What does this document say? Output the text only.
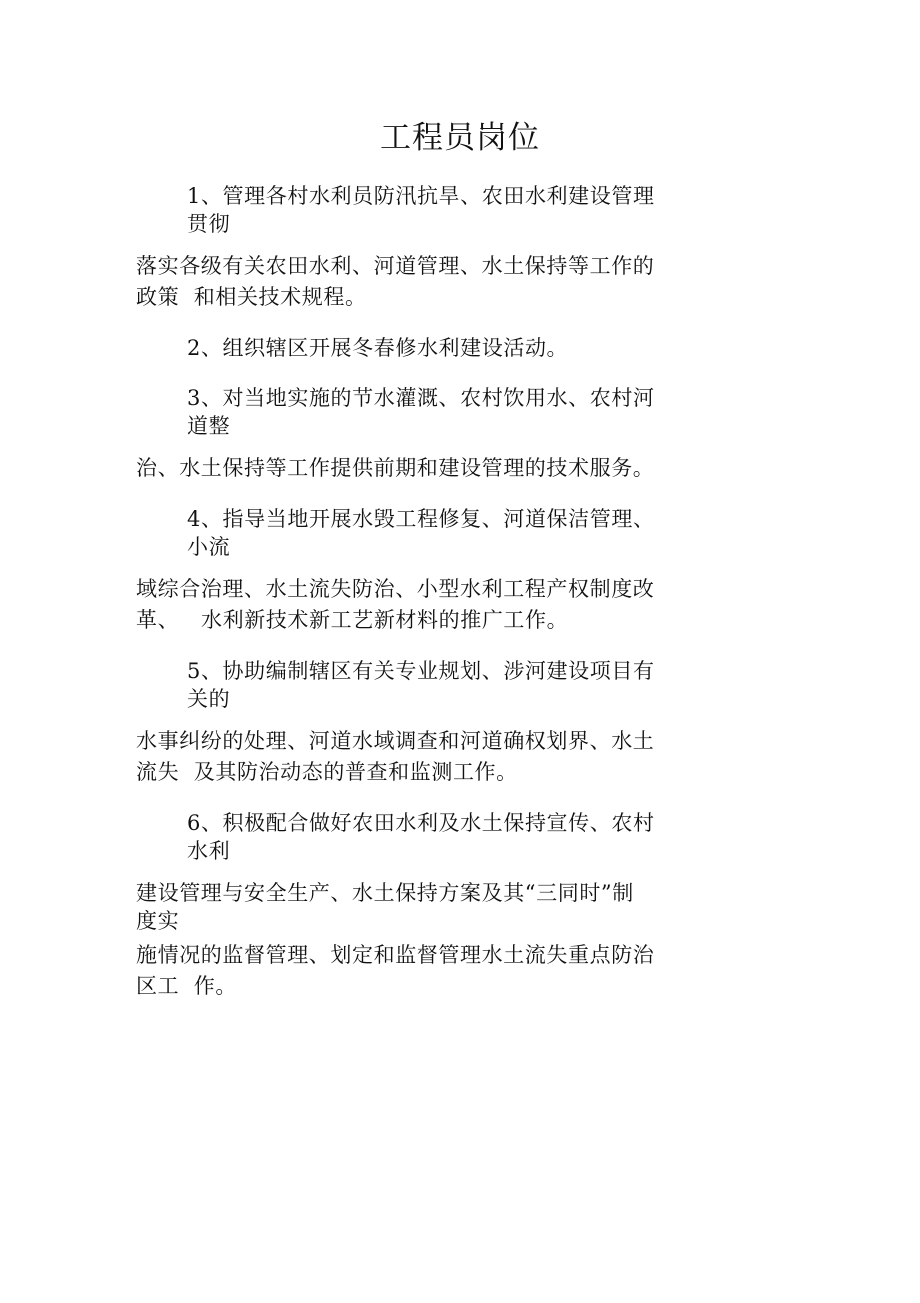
工程员岗位
1、管理各村水利员防汛抗旱、农田水利建设管理
贯彻
落实各级有关农田水利、河道管理、水土保持等工作的
政策  和相关技术规程。
2、组织辖区开展冬春修水利建设活动。
3、对当地实施的节水灌溉、农村饮用水、农村河
道整
治、水土保持等工作提供前期和建设管理的技术服务。
4、指导当地开展水毁工程修复、河道保洁管理、
小流
域综合治理、水土流失防治、小型水利工程产权制度改
革、   水利新技术新工艺新材料的推广工作。
5、协助编制辖区有关专业规划、涉河建设项目有
关的
水事纠纷的处理、河道水域调查和河道确权划界、水土
流失  及其防治动态的普查和监测工作。
6、积极配合做好农田水利及水土保持宣传、农村
水利
建设管理与安全生产、水土保持方案及其“三同时”制
度实
施情况的监督管理、划定和监督管理水土流失重点防治
区工  作。
